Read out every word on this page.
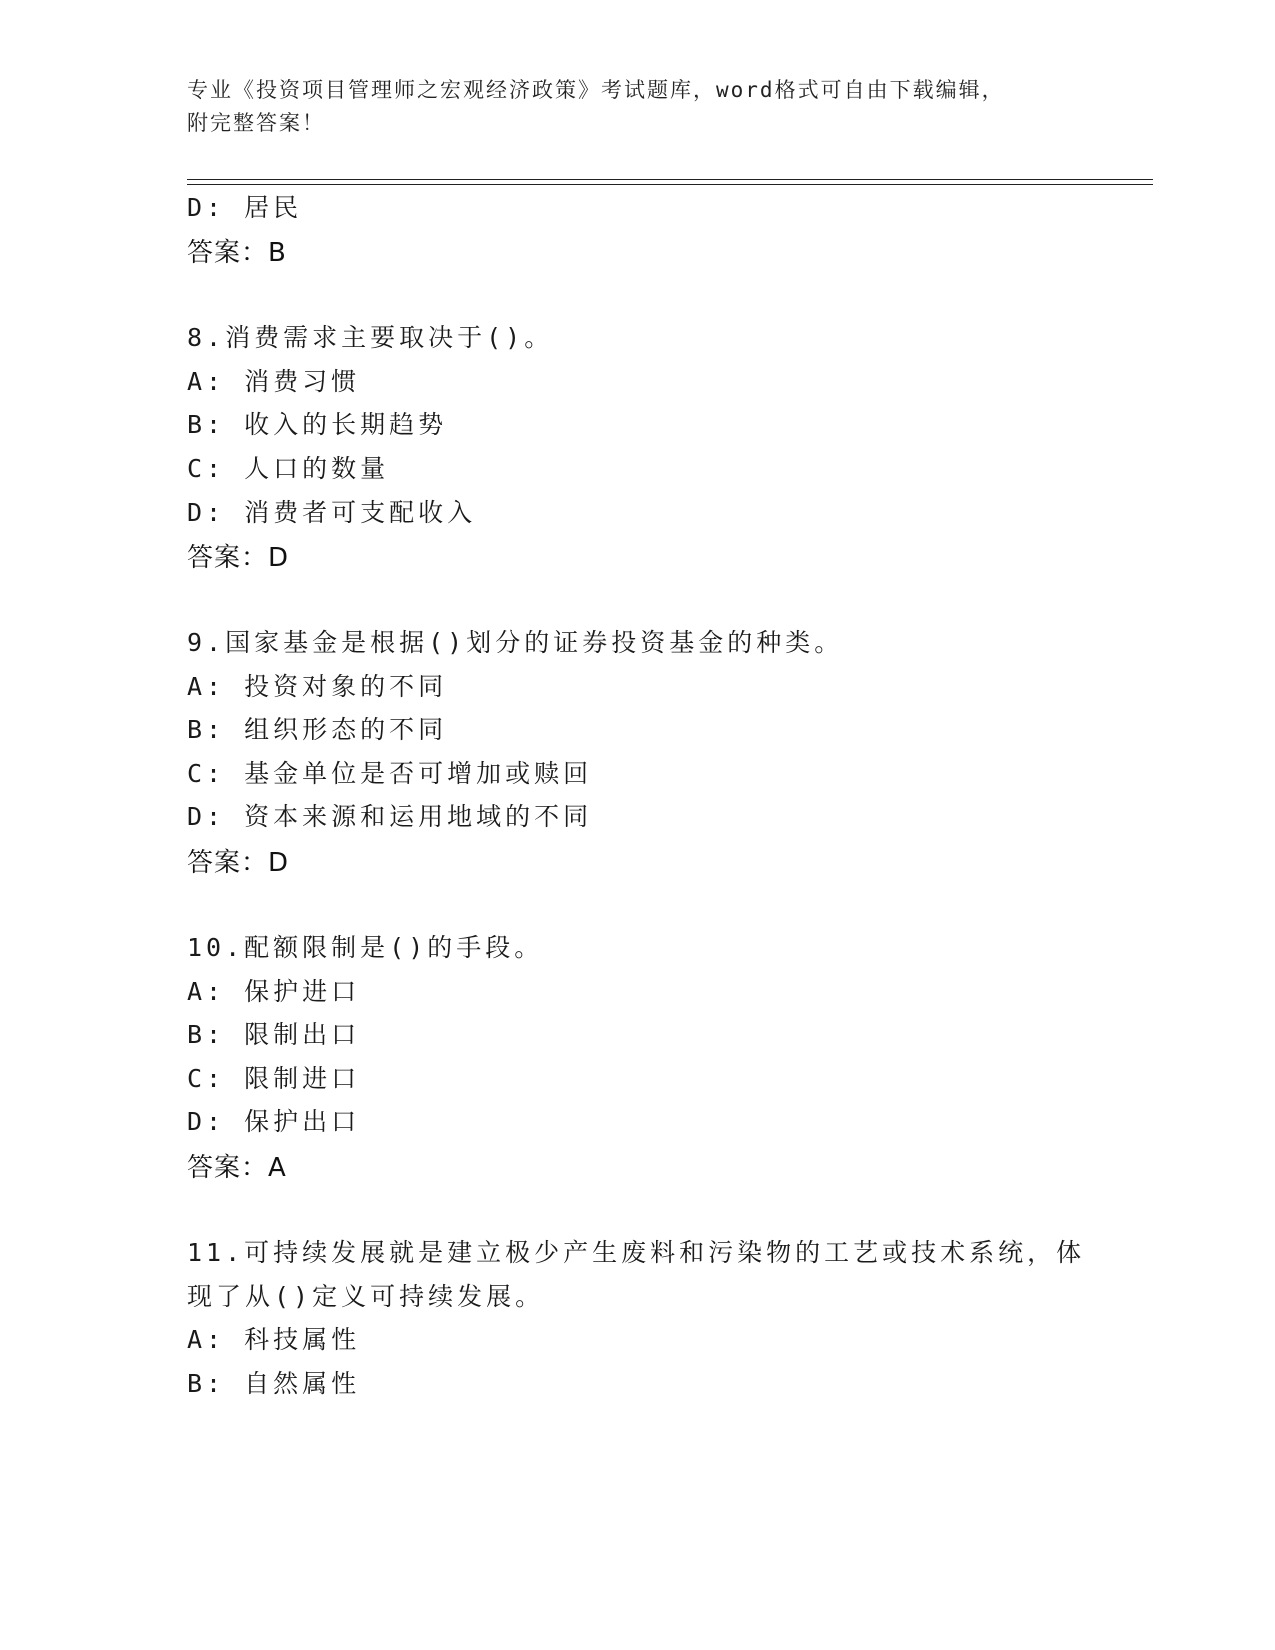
专业《投资项目管理师之宏观经济政策》考试题库，word格式可自由下载编辑，
附完整答案！
D: 居民
答案：B
8.消费需求主要取决于()。
A: 消费习惯
B: 收入的长期趋势
C: 人口的数量
D: 消费者可支配收入
答案：D
9.国家基金是根据()划分的证券投资基金的种类。
A: 投资对象的不同
B: 组织形态的不同
C: 基金单位是否可增加或赎回
D: 资本来源和运用地域的不同
答案：D
10.配额限制是()的手段。
A: 保护进口
B: 限制出口
C: 限制进口
D: 保护出口
答案：A
11.可持续发展就是建立极少产生废料和污染物的工艺或技术系统，体
现了从()定义可持续发展。
A: 科技属性
B: 自然属性
